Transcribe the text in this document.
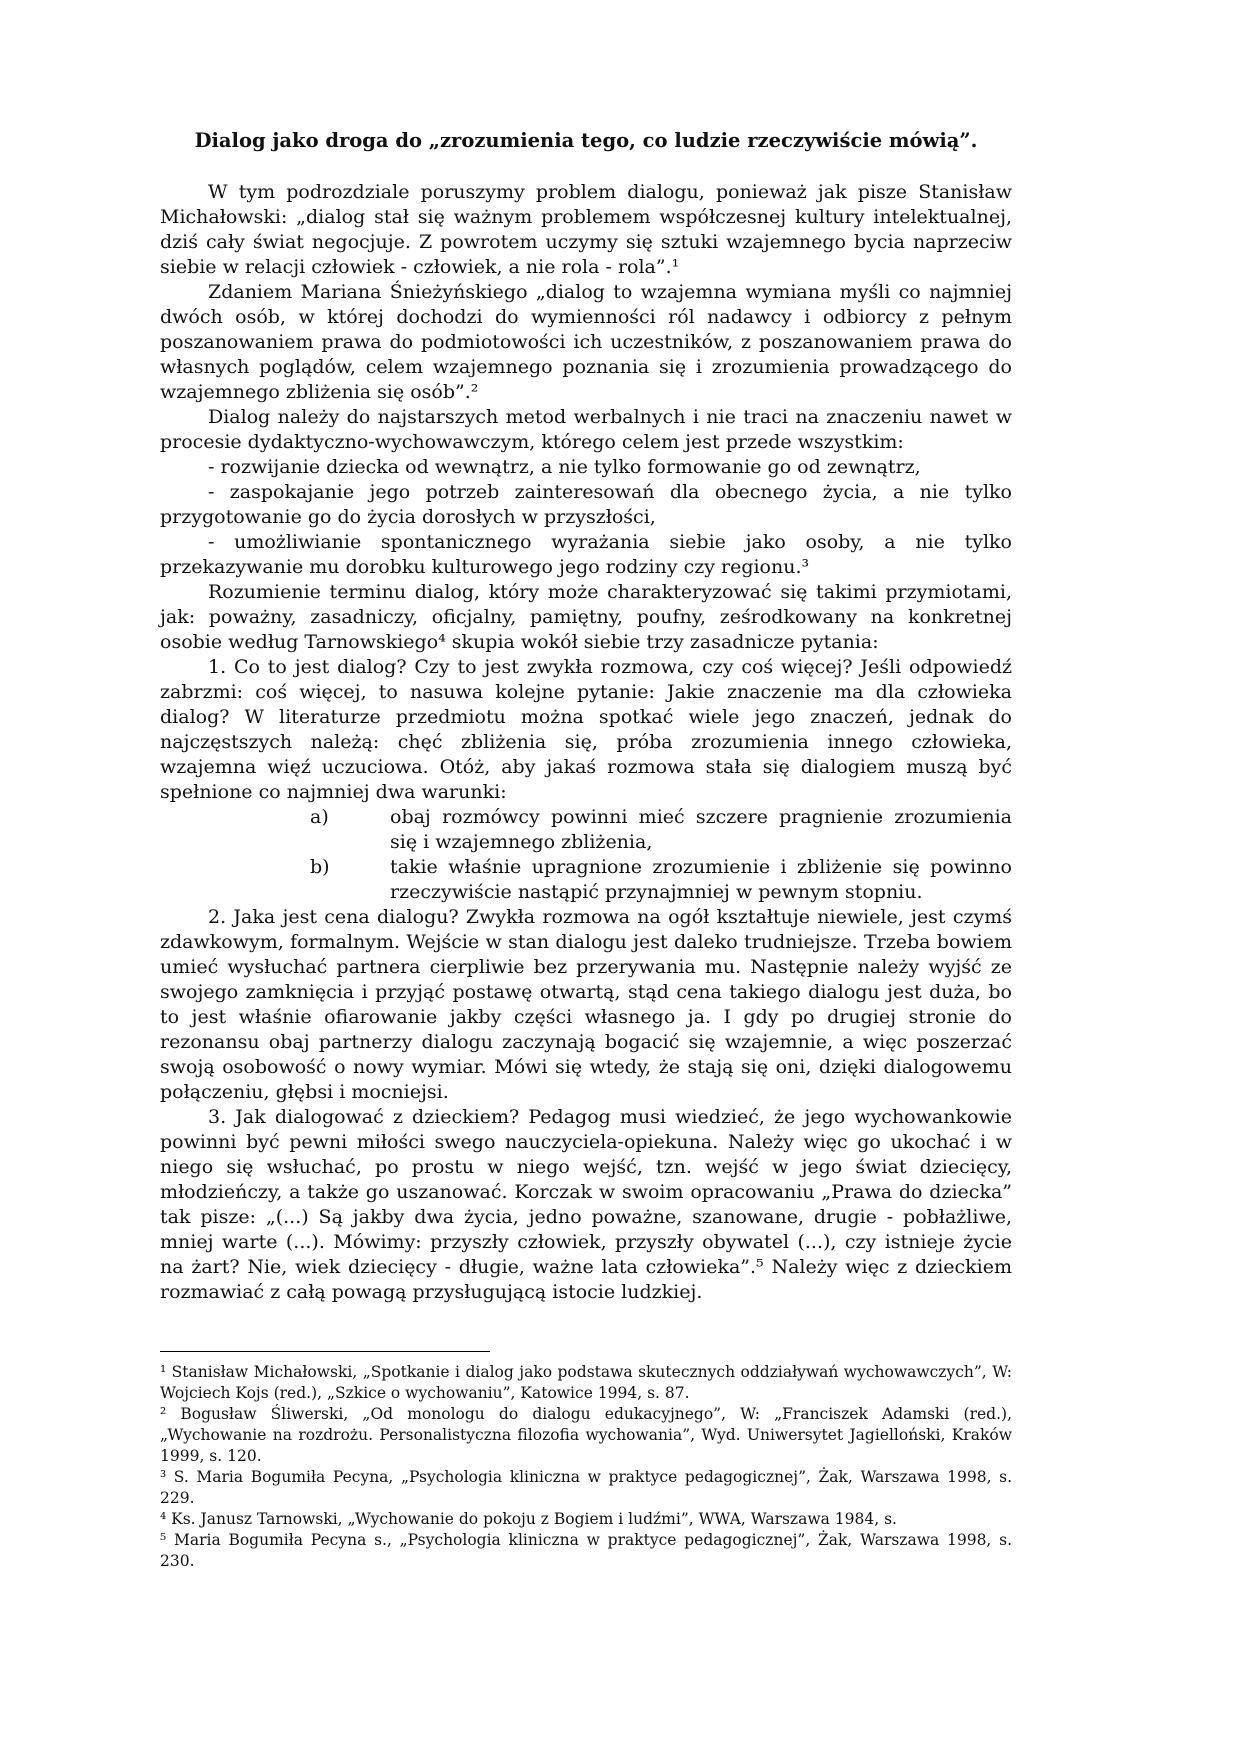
Dialog jako droga do „zrozumienia tego, co ludzie rzeczywiście mówią”.

W tym podrozdziale poruszymy problem dialogu, ponieważ jak pisze Stanisław Michałowski: „dialog stał się ważnym problemem współczesnej kultury intelektualnej, dziś cały świat negocjuje. Z powrotem uczymy się sztuki wzajemnego bycia naprzeciw siebie w relacji człowiek - człowiek, a nie rola - rola”.¹

Zdaniem Mariana Śnieżyńskiego „dialog to wzajemna wymiana myśli co najmniej dwóch osób, w której dochodzi do wymienności ról nadawcy i odbiorcy z pełnym poszanowaniem prawa do podmiotowości ich uczestników, z poszanowaniem prawa do własnych poglądów, celem wzajemnego poznania się i zrozumienia prowadzącego do wzajemnego zbliżenia się osób”.²

Dialog należy do najstarszych metod werbalnych i nie traci na znaczeniu nawet w procesie dydaktyczno-wychowawczym, którego celem jest przede wszystkim:

- rozwijanie dziecka od wewnątrz, a nie tylko formowanie go od zewnątrz,

- zaspokajanie jego potrzeb zainteresowań dla obecnego życia, a nie tylko przygotowanie go do życia dorosłych w przyszłości,

- umożliwianie spontanicznego wyrażania siebie jako osoby, a nie tylko przekazywanie mu dorobku kulturowego jego rodziny czy regionu.³

Rozumienie terminu dialog, który może charakteryzować się takimi przymiotami, jak: poważny, zasadniczy, oficjalny, pamiętny, poufny, ześrodkowany na konkretnej osobie według Tarnowskiego⁴ skupia wokół siebie trzy zasadnicze pytania:

1. Co to jest dialog? Czy to jest zwykła rozmowa, czy coś więcej? Jeśli odpowiedź zabrzmi: coś więcej, to nasuwa kolejne pytanie: Jakie znaczenie ma dla człowieka dialog? W literaturze przedmiotu można spotkać wiele jego znaczeń, jednak do najczęstszych należą: chęć zbliżenia się, próba zrozumienia innego człowieka, wzajemna więź uczuciowa. Otóż, aby jakaś rozmowa stała się dialogiem muszą być spełnione co najmniej dwa warunki:

a)	obaj rozmówcy powinni mieć szczere pragnienie zrozumienia się i wzajemnego zbliżenia,
b)	takie właśnie upragnione zrozumienie i zbliżenie się powinno rzeczywiście nastąpić przynajmniej w pewnym stopniu.

2. Jaka jest cena dialogu? Zwykła rozmowa na ogół kształtuje niewiele, jest czymś zdawkowym, formalnym. Wejście w stan dialogu jest daleko trudniejsze. Trzeba bowiem umieć wysłuchać partnera cierpliwie bez przerywania mu. Następnie należy wyjść ze swojego zamknięcia i przyjąć postawę otwartą, stąd cena takiego dialogu jest duża, bo to jest właśnie ofiarowanie jakby części własnego ja. I gdy po drugiej stronie do rezonansu obaj partnerzy dialogu zaczynają bogacić się wzajemnie, a więc poszerzać swoją osobowość o nowy wymiar. Mówi się wtedy, że stają się oni, dzięki dialogowemu połączeniu, głębsi i mocniejsi.

3. Jak dialogować z dzieckiem? Pedagog musi wiedzieć, że jego wychowankowie powinni być pewni miłości swego nauczyciela-opiekuna. Należy więc go ukochać i w niego się wsłuchać, po prostu w niego wejść, tzn. wejść w jego świat dziecięcy, młodzieńczy, a także go uszanować. Korczak w swoim opracowaniu „Prawa do dziecka” tak pisze: „(...) Są jakby dwa życia, jedno poważne, szanowane, drugie - pobłażliwe, mniej warte (...). Mówimy: przyszły człowiek, przyszły obywatel (...), czy istnieje życie na żart? Nie, wiek dziecięcy - długie, ważne lata człowieka”.⁵ Należy więc z dzieckiem rozmawiać z całą powagą przysługującą istocie ludzkiej.

¹ Stanisław Michałowski, „Spotkanie i dialog jako podstawa skutecznych oddziaływań wychowawczych”, W: Wojciech Kojs (red.), „Szkice o wychowaniu”, Katowice 1994, s. 87.

² Bogusław Śliwerski, „Od monologu do dialogu edukacyjnego”, W: „Franciszek Adamski (red.), „Wychowanie na rozdrożu. Personalistyczna filozofia wychowania”, Wyd. Uniwersytet Jagielloński, Kraków 1999, s. 120.

³ S. Maria Bogumiła Pecyna, „Psychologia kliniczna w praktyce pedagogicznej”, Żak, Warszawa 1998, s. 229.

⁴ Ks. Janusz Tarnowski, „Wychowanie do pokoju z Bogiem i ludźmi”, WWA, Warszawa 1984, s.

⁵ Maria Bogumiła Pecyna s., „Psychologia kliniczna w praktyce pedagogicznej”, Żak, Warszawa 1998, s. 230.
